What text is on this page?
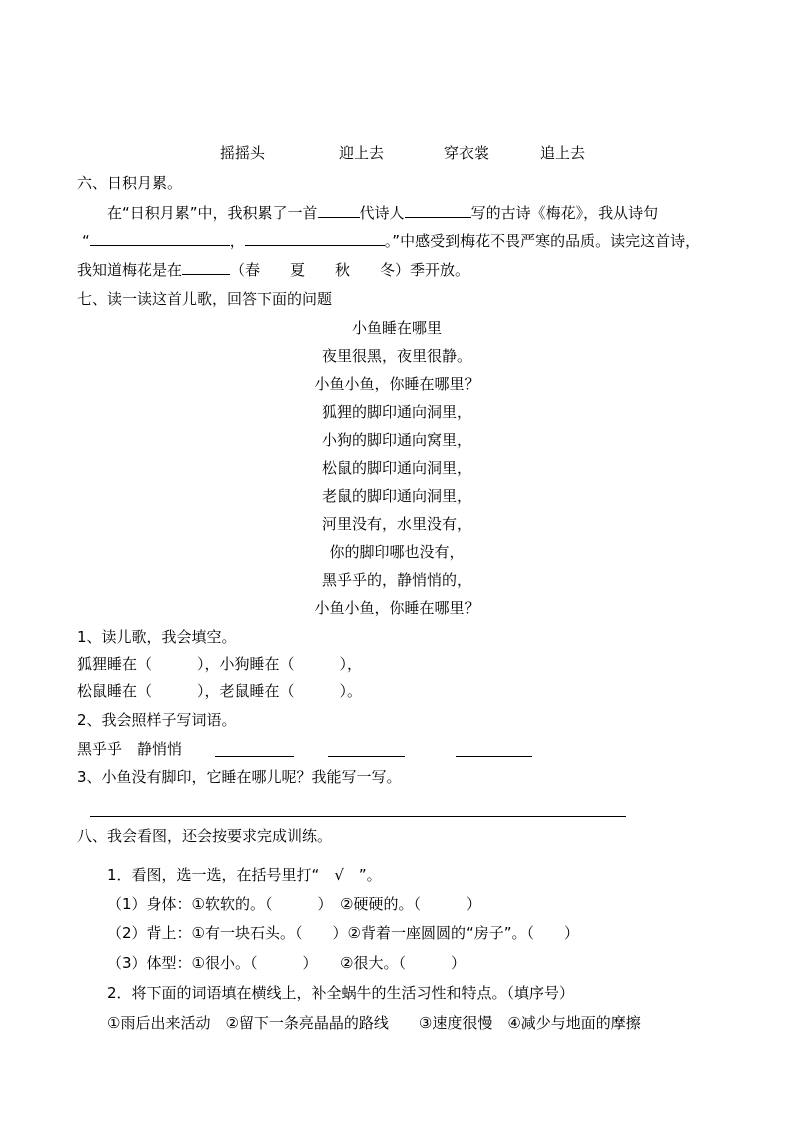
摇摇头	迎上去	穿衣裳	追上去
六、日积月累。
在“日积月累”中，我积累了一首	代诗人	写的古诗《梅花》，我从诗句
“	，	。”中感受到梅花不畏严寒的品质。读完这首诗，
我知道梅花是在	（春　　夏　　秋　　冬）季开放。
七、读一读这首儿歌，回答下面的问题
小鱼睡在哪里
夜里很黑，夜里很静。
小鱼小鱼，你睡在哪里？
狐狸的脚印通向洞里，
小狗的脚印通向窝里，
松鼠的脚印通向洞里，
老鼠的脚印通向洞里，
河里没有，水里没有，
你的脚印哪也没有，
黑乎乎的，静悄悄的，
小鱼小鱼，你睡在哪里？
1、读儿歌，我会填空。
狐狸睡在（　　　），小狗睡在（　　　），
松鼠睡在（　　　），老鼠睡在（　　　）。
2、我会照样子写词语。
黑乎乎　静悄悄
3、小鱼没有脚印，它睡在哪儿呢？我能写一写。
八、我会看图，还会按要求完成训练。
1．看图，选一选，在括号里打“　√　”。
（1）身体：①软软的。（　　　）　②硬硬的。（　　　）
（2）背上：①有一块石头。（　　）②背着一座圆圆的“房子”。（　　）
（3）体型：①很小。（　　　）　　②很大。（　　　）
2．将下面的词语填在横线上，补全蜗牛的生活习性和特点。（填序号）
①雨后出来活动　②留下一条亮晶晶的路线　　③速度很慢　④减少与地面的摩擦
